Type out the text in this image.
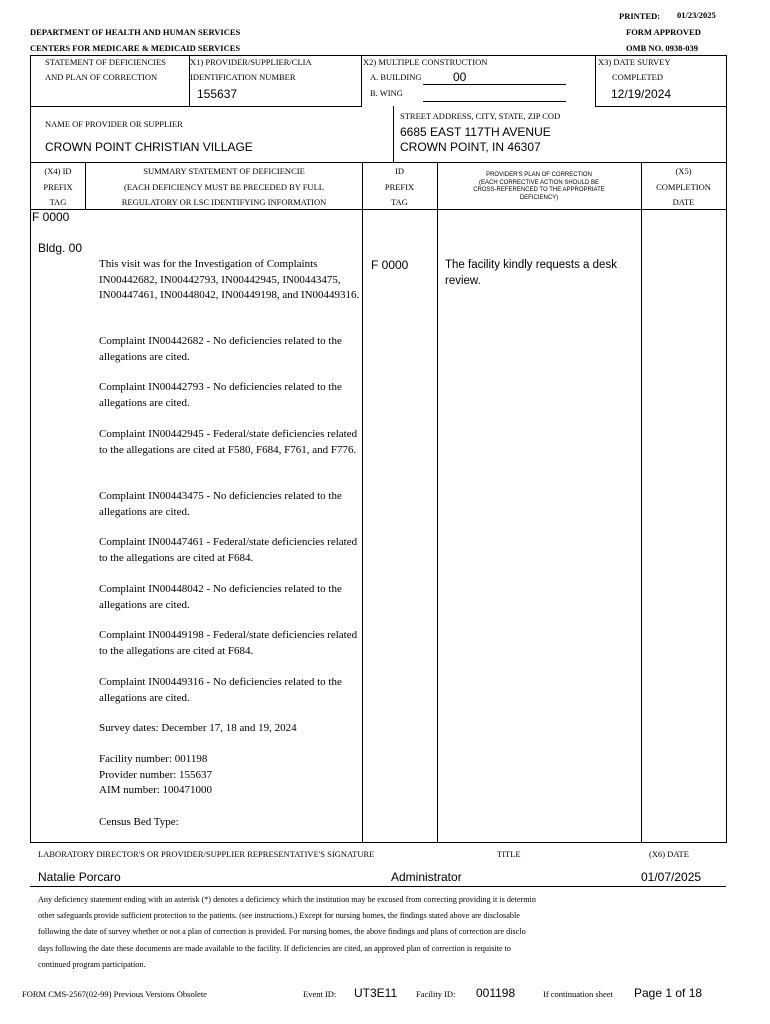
PRINTED: 01/23/2025
DEPARTMENT OF HEALTH AND HUMAN SERVICES
CENTERS FOR MEDICARE & MEDICAID SERVICES
FORM APPROVED
OMB NO. 0938-039
STATEMENT OF DEFICIENCIES
AND PLAN OF CORRECTION
X1) PROVIDER/SUPPLIER/CLIA
IDENTIFICATION NUMBER
155637
X2) MULTIPLE CONSTRUCTION
A. BUILDING	00
B. WING
X3) DATE SURVEY
COMPLETED
12/19/2024
NAME OF PROVIDER OR SUPPLIER
CROWN POINT CHRISTIAN VILLAGE
STREET ADDRESS, CITY, STATE, ZIP COD
6685 EAST 117TH AVENUE
CROWN POINT, IN 46307
(X4) ID
PREFIX
TAG
SUMMARY STATEMENT OF DEFICIENCIE
(EACH DEFICIENCY MUST BE PRECEDED BY FULL
REGULATORY OR LSC IDENTIFYING INFORMATION
ID
PREFIX
TAG
PROVIDER'S PLAN OF CORRECTION
(EACH CORRECTIVE ACTION SHOULD BE
CROSS-REFERENCED TO THE APPROPRIATE
DEFICIENCY)
(X5)
COMPLETION
DATE
F 0000
Bldg. 00
F 0000	The facility kindly requests a desk review.
This visit was for the Investigation of Complaints IN00442682, IN00442793, IN00442945, IN00443475, IN00447461, IN00448042, IN00449198, and IN00449316.
Complaint IN00442682 - No deficiencies related to the allegations are cited.
Complaint IN00442793 - No deficiencies related to the allegations are cited.
Complaint IN00442945 - Federal/state deficiencies related to the allegations are cited at F580, F684, F761, and F776.
Complaint IN00443475 - No deficiencies related to the allegations are cited.
Complaint IN00447461 - Federal/state deficiencies related to the allegations are cited at F684.
Complaint IN00448042 - No deficiencies related to the allegations are cited.
Complaint IN00449198 - Federal/state deficiencies related to the allegations are cited at F684.
Complaint IN00449316 - No deficiencies related to the allegations are cited.
Survey dates: December 17, 18 and 19, 2024
Facility number: 001198
Provider number: 155637
AIM number: 100471000
Census Bed Type:
LABORATORY DIRECTOR'S OR PROVIDER/SUPPLIER REPRESENTATIVE'S SIGNATURE	TITLE	(X6) DATE
Natalie Porcaro	Administrator	01/07/2025
Any deficiency statement ending with an asterisk (*) denotes a deficiency which the institution may be excused from correcting providing it is determin
other safeguards provide sufficient protection to the patients. (see instructions.) Except for nursing homes, the findings stated above are disclosable
following the date of survey whether or not a plan of correction is provided. For nursing homes, the above findings and plans of correction are disclo
days following the date these documents are made available to the facility. If deficiencies are cited, an approved plan of correction is requisite to
continued program participation.
FORM CMS-2567(02-99) Previous Versions Obsolete	Event ID: UT3E11 Facility ID: 001198	If continuation sheet Page 1 of 18
